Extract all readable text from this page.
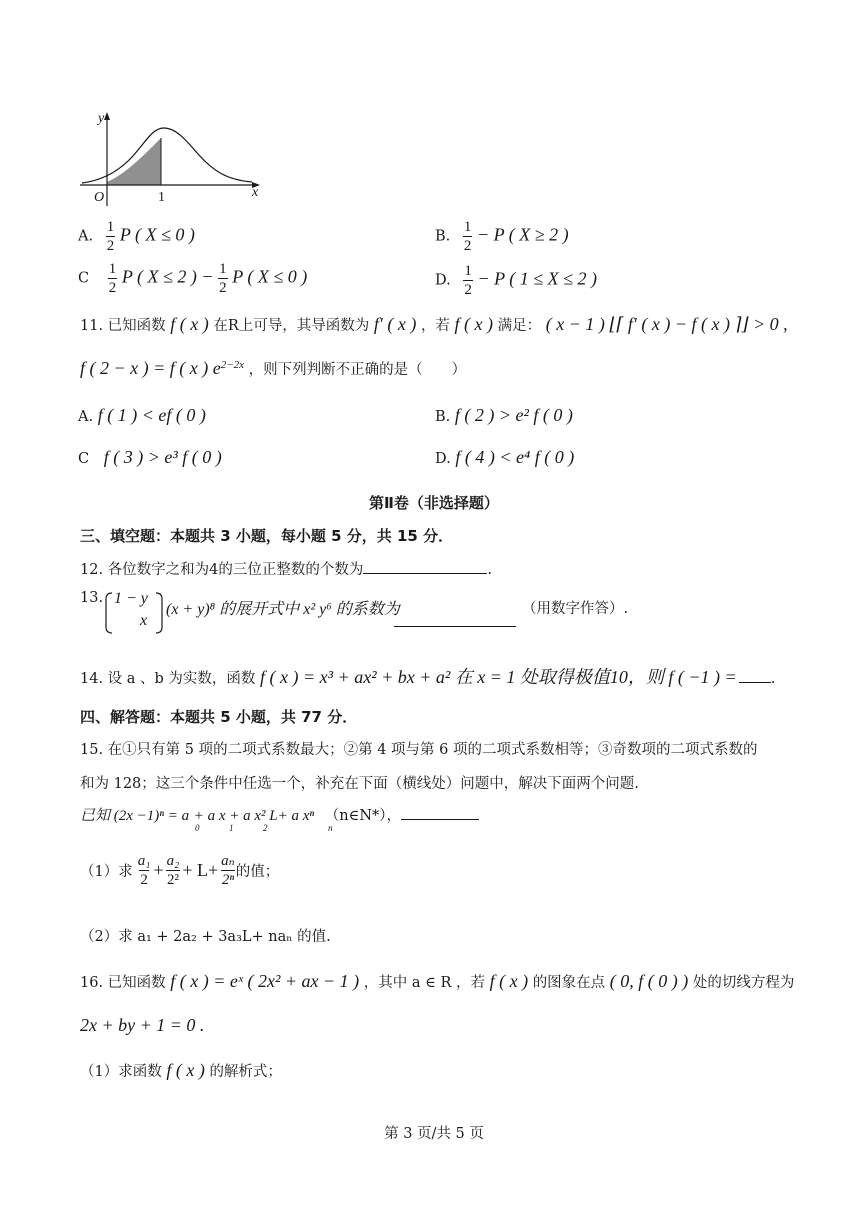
y
x
O	1
A. $\frac{1}{2}$ P ( X ≤ 0 )	B. $\frac{1}{2} - P$ ( X ≥ 2 )
C $\frac{1}{2}$ P ( X ≤ 2 ) − $\frac{1}{2}$ P ( X ≤ 0 )	D. $\frac{1}{2} - P$ ( 1 ≤ X ≤ 2 )
11. 已知函数 f ( x ) 在R上可导，其导函数为 f′ ( x ) ，若 f ( x ) 满足： ( x − 1 ) ⌊⌈ f′ ( x ) − f ( x ) ⌉⌋ > 0 ,
f ( 2 − x ) = f ( x ) $e^{2-2x}$ ，则下列判断不正确的是（　　）
A. f ( 1 ) < ef ( 0 )	B. f ( 2 ) > e² f ( 0 )
C f ( 3 ) > e³ f ( 0 )	D. f ( 4 ) < e⁴ f ( 0 )
第Ⅱ卷（非选择题）
三、填空题：本题共 3 小题，每小题 5 分，共 15 分．
12. 各位数字之和为4的三位正整数的个数为	.
13. 1 − y
x
(x + y)⁸ 的展开式中 x² y⁶ 的系数为	（用数字作答）.
14. 设 a 、b 为实数，函数 f ( x ) = x³ + ax² + bx + a² 在 x = 1 处取得极值10，则 f ( −1 ) = .
四、解答题：本题共 5 小题，共 77 分．
15. 在①只有第 5 项的二项式系数最大；②第 4 项与第 6 项的二项式系数相等；③奇数项的二项式系数的
和为 128；这三个条件中任选一个，补充在下面（横线处）问题中，解决下面两个问题.
已知 (2x −1)ⁿ = a + a x + a x² L+ a xⁿ （n∈N*），
0	1	2	n
（1）求 $\frac{\text{a₁}}{2} + \frac{\text{a₂}}{\text{2²}} + L+ \frac{\text{aₙ}}{\text{2ⁿ}}$ 的值；
（2）求 a₁ + 2a₂ + 3a₃L+ naₙ 的值.
16. 已知函数 f ( x ) = eˣ ( 2x² + ax − 1 ) ，其中 a ∈ R ，若 f ( x ) 的图象在点 ( 0, f ( 0 ) ) 处的切线方程为
2x + by + 1 = 0 .
（1）求函数 f ( x ) 的解析式；
第 3 页/共 5 页
